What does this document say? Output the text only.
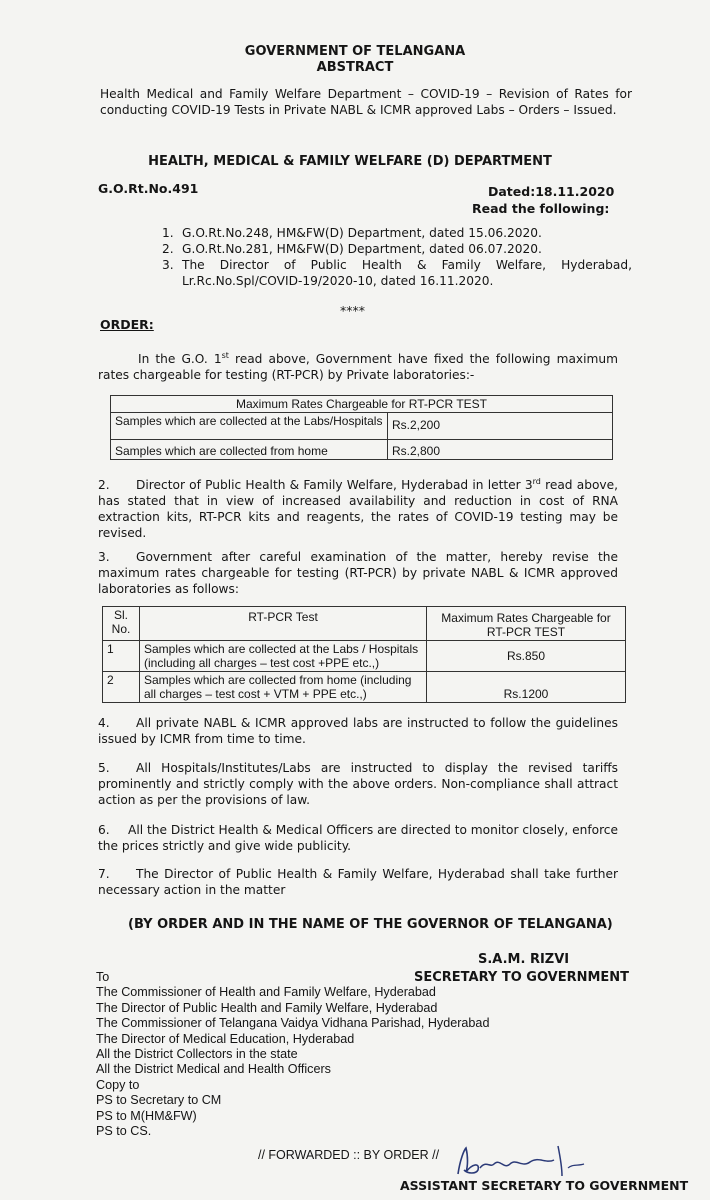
GOVERNMENT OF TELANGANA
ABSTRACT
Health Medical and Family Welfare Department – COVID-19 – Revision of Rates for conducting COVID-19 Tests in Private NABL & ICMR approved Labs – Orders – Issued.
HEALTH, MEDICAL & FAMILY WELFARE (D) DEPARTMENT
G.O.Rt.No.491	Dated:18.11.2020
Read the following:
1. G.O.Rt.No.248, HM&FW(D) Department, dated 15.06.2020.
2. G.O.Rt.No.281, HM&FW(D) Department, dated 06.07.2020.
3. The Director of Public Health & Family Welfare, Hyderabad, Lr.Rc.No.Spl/COVID-19/2020-10, dated 16.11.2020.
****
ORDER:
In the G.O. 1st read above, Government have fixed the following maximum rates chargeable for testing (RT-PCR) by Private laboratories:-
Maximum Rates Chargeable for RT-PCR TEST	
Samples which are collected at the Labs/Hospitals	Rs.2,200
Samples which are collected from home	Rs.2,800
2. Director of Public Health & Family Welfare, Hyderabad in letter 3rd read above, has stated that in view of increased availability and reduction in cost of RNA extraction kits, RT-PCR kits and reagents, the rates of COVID-19 testing may be revised.
3. Government after careful examination of the matter, hereby revise the maximum rates chargeable for testing (RT-PCR) by private NABL & ICMR approved laboratories as follows:
Sl. No.	RT-PCR Test	Maximum Rates Chargeable for RT-PCR TEST
1	Samples which are collected at the Labs / Hospitals (including all charges – test cost +PPE etc.,)	Rs.850
2	Samples which are collected from home (including all charges – test cost + VTM + PPE etc.,)	Rs.1200
4. All private NABL & ICMR approved labs are instructed to follow the guidelines issued by ICMR from time to time.
5. All Hospitals/Institutes/Labs are instructed to display the revised tariffs prominently and strictly comply with the above orders. Non-compliance shall attract action as per the provisions of law.
6. All the District Health & Medical Officers are directed to monitor closely, enforce the prices strictly and give wide publicity.
7. The Director of Public Health & Family Welfare, Hyderabad shall take further necessary action in the matter
(BY ORDER AND IN THE NAME OF THE GOVERNOR OF TELANGANA)
S.A.M. RIZVI
SECRETARY TO GOVERNMENT
To
The Commissioner of Health and Family Welfare, Hyderabad
The Director of Public Health and Family Welfare, Hyderabad
The Commissioner of Telangana Vaidya Vidhana Parishad, Hyderabad
The Director of Medical Education, Hyderabad
All the District Collectors in the state
All the District Medical and Health Officers
Copy to
PS to Secretary to CM
PS to M(HM&FW)
PS to CS.
// FORWARDED :: BY ORDER //
ASSISTANT SECRETARY TO GOVERNMENT
